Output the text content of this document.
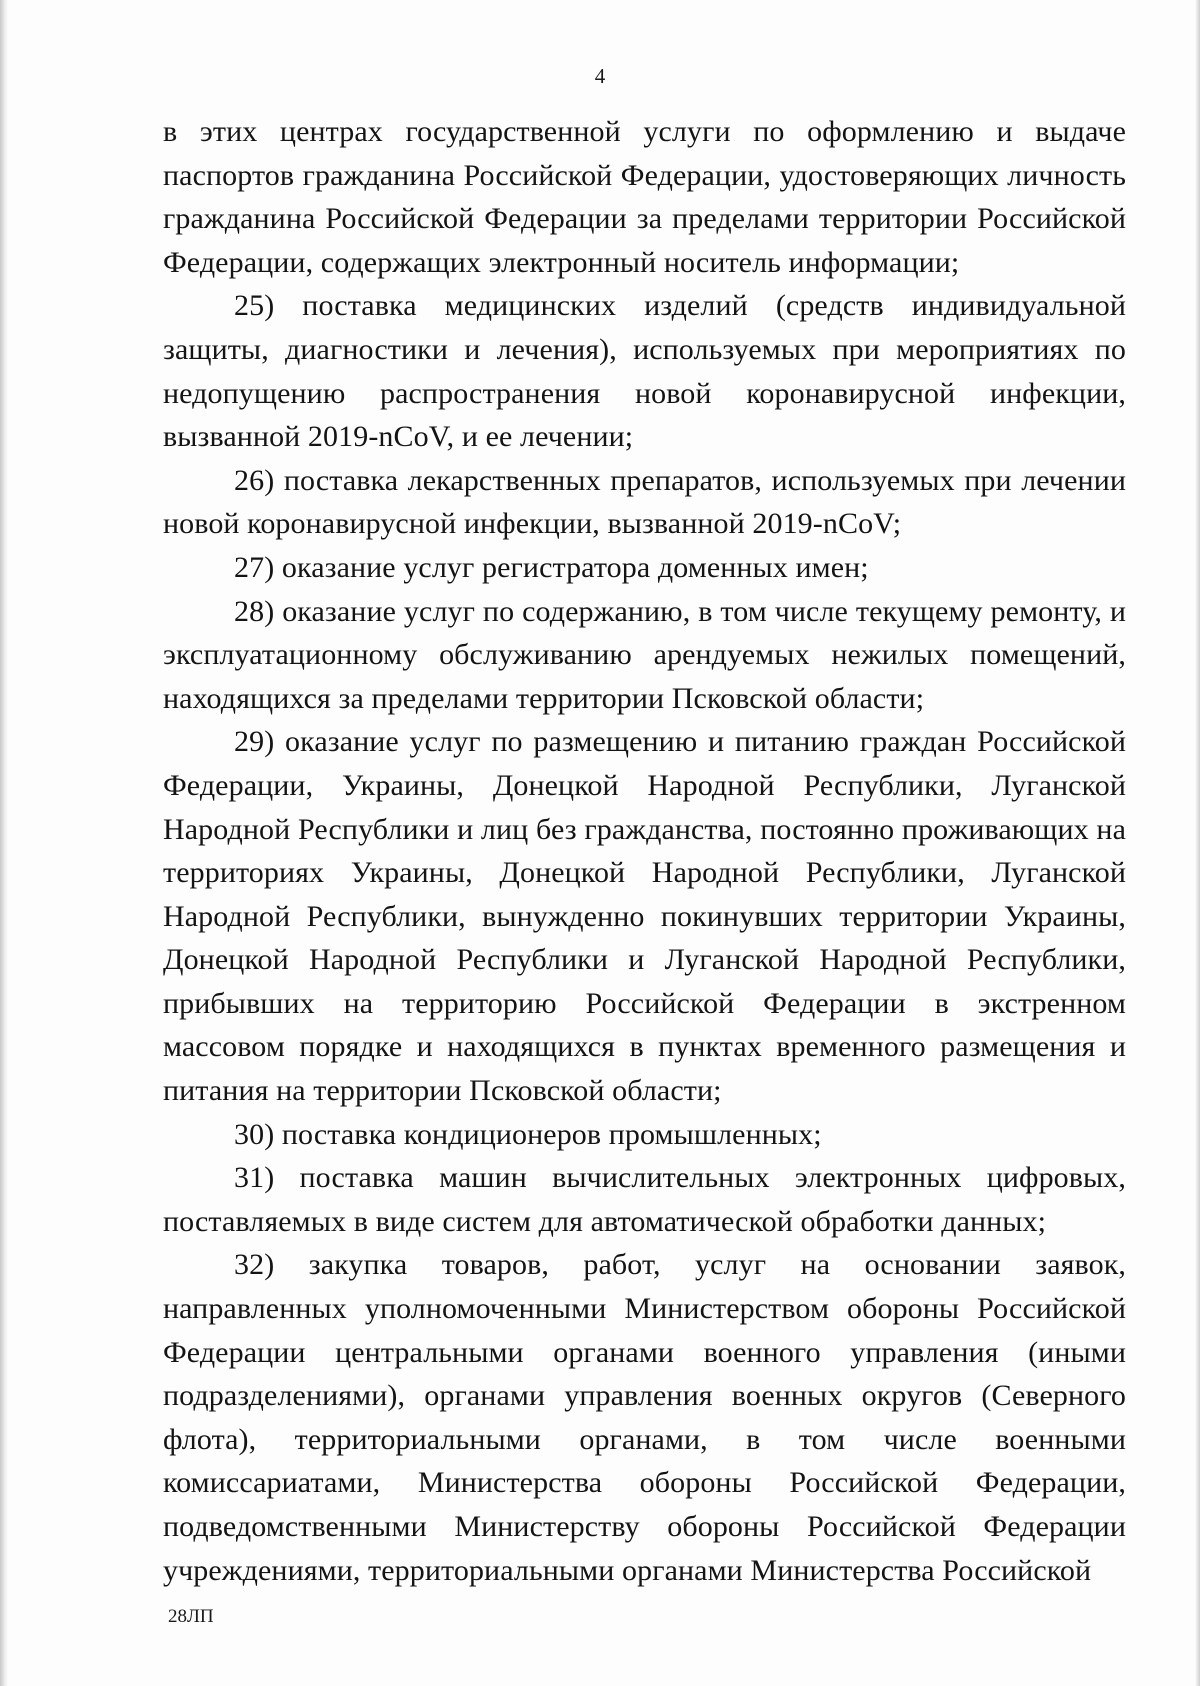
4

в этих центрах государственной услуги по оформлению и выдаче паспортов гражданина Российской Федерации, удостоверяющих личность гражданина Российской Федерации за пределами территории Российской Федерации, содержащих электронный носитель информации;

25) поставка медицинских изделий (средств индивидуальной защиты, диагностики и лечения), используемых при мероприятиях по недопущению распространения новой коронавирусной инфекции, вызванной 2019-nCoV, и ее лечении;

26) поставка лекарственных препаратов, используемых при лечении новой коронавирусной инфекции, вызванной 2019-nCoV;

27) оказание услуг регистратора доменных имен;

28) оказание услуг по содержанию, в том числе текущему ремонту, и эксплуатационному обслуживанию арендуемых нежилых помещений, находящихся за пределами территории Псковской области;

29) оказание услуг по размещению и питанию граждан Российской Федерации, Украины, Донецкой Народной Республики, Луганской Народной Республики и лиц без гражданства, постоянно проживающих на территориях Украины, Донецкой Народной Республики, Луганской Народной Республики, вынужденно покинувших территории Украины, Донецкой Народной Республики и Луганской Народной Республики, прибывших на территорию Российской Федерации в экстренном массовом порядке и находящихся в пунктах временного размещения и питания на территории Псковской области;

30) поставка кондиционеров промышленных;

31) поставка машин вычислительных электронных цифровых, поставляемых в виде систем для автоматической обработки данных;

32) закупка товаров, работ, услуг на основании заявок, направленных уполномоченными Министерством обороны Российской Федерации центральными органами военного управления (иными подразделениями), органами управления военных округов (Северного флота), территориальными органами, в том числе военными комиссариатами, Министерства обороны Российской Федерации, подведомственными Министерству обороны Российской Федерации учреждениями, территориальными органами Министерства Российской

28ЛП
